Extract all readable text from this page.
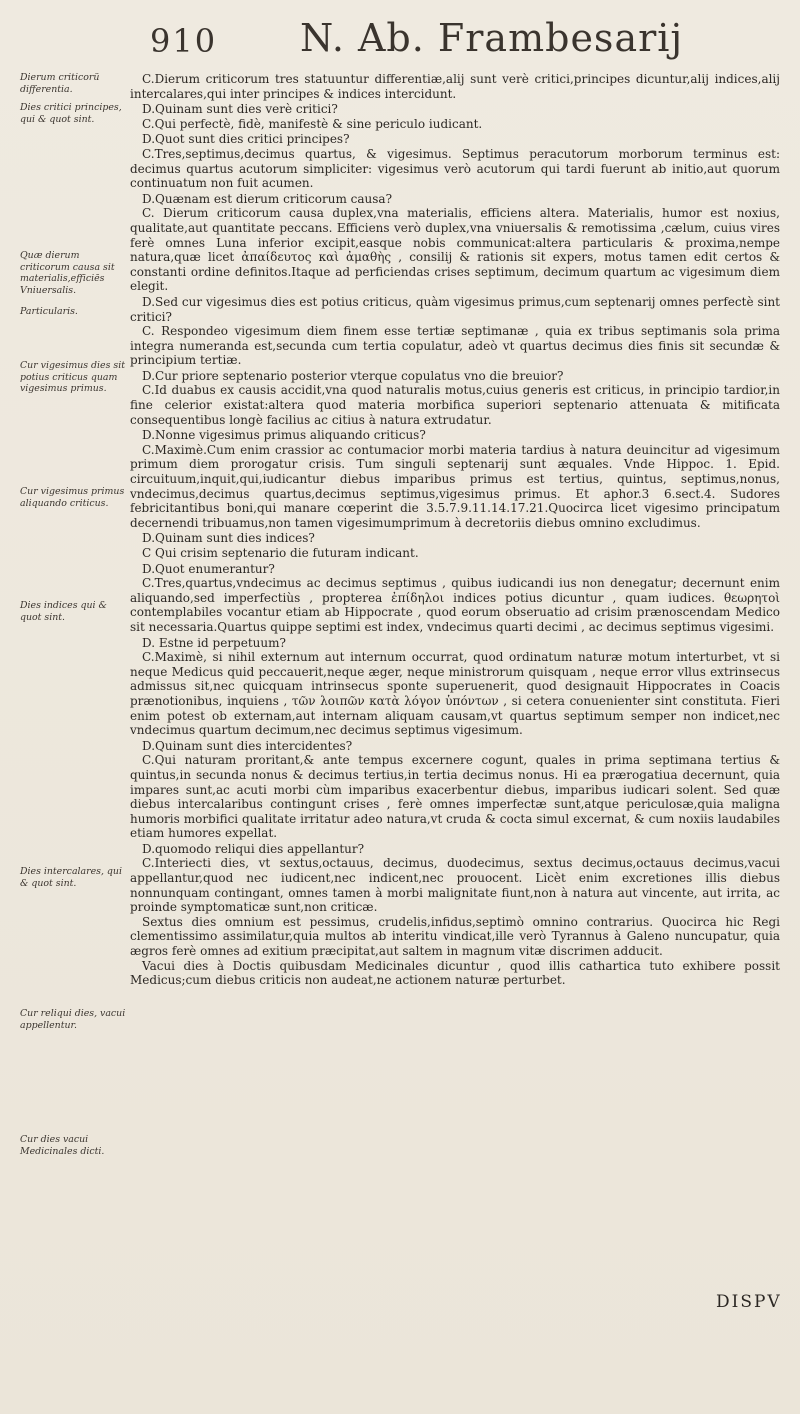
910 N. Ab. Frambesarij
Dierum criticorü differentia.
Dies critici principes, qui & quot sint.
Quæ dierum criticorum causa sit materialis,efficiēs Vniuersalis.
Particularis.
Cur vigesimus dies sit potius criticus quam vigesimus primus.
Cur vigesimus primus aliquando criticus.
Dies indices qui & quot sint.
Dies intercalares, qui & quot sint.
Cur reliqui dies, vacui appellentur.
Cur dies vacui Medicinales dicti.

C.Dierum criticorum tres statuuntur differentiæ,alij sunt verè critici,principes dicuntur,alij indices,alij intercalares,qui inter principes & indices intercidunt.

D.Quinam sunt dies verè critici?

C.Qui perfectè, fidè, manifestè & sine periculo iudicant.

D.Quot sunt dies critici principes?

C.Tres,septimus,decimus quartus, & vigesimus. Septimus peracutorum morborum terminus est: decimus quartus acutorum simpliciter: vigesimus verò acutorum qui tardi fuerunt ab initio,aut quorum continuatum non fuit acumen.

D.Quænam est dierum criticorum causa?

C. Dierum criticorum causa duplex,vna materialis, efficiens altera. Materialis, humor est noxius, qualitate,aut quantitate peccans. Efficiens verò duplex,vna vniuersalis & remotissima ,cælum, cuius vires ferè omnes Luna inferior excipit,easque nobis communicat:altera particularis & proxima,nempe natura,quæ licet ἀπαίδευτος καὶ ἀμαθὴς , consilij & rationis sit expers, motus tamen edit certos & constanti ordine definitos.Itaque ad perficiendas crises septimum, decimum quartum ac vigesimum diem elegit.

D.Sed cur vigesimus dies est potius criticus, quàm vigesimus primus,cum septenarij omnes perfectè sint critici?

C. Respondeo vigesimum diem finem esse tertiæ septimanæ , quia ex tribus septimanis sola prima integra numeranda est,secunda cum tertia copulatur, adeò vt quartus decimus dies finis sit secundæ & principium tertiæ.

D.Cur priore septenario posterior vterque copulatus vno die breuior?

C.Id duabus ex causis accidit,vna quod naturalis motus,cuius generis est criticus, in principio tardior,in fine celerior existat:altera quod materia morbifica superiori septenario attenuata & mitificata consequentibus longè facilius ac citius à natura extrudatur.

D.Nonne vigesimus primus aliquando criticus?

C.Maximè.Cum enim crassior ac contumacior morbi materia tardius à natura deuincitur ad vigesimum primum diem prorogatur crisis. Tum singuli septenarij sunt æquales. Vnde Hippoc. 1. Epid. circuituum,inquit,qui,iudicantur diebus imparibus primus est tertius, quintus, septimus,nonus, vndecimus,decimus quartus,decimus septimus,vigesimus primus. Et aphor.3 6.sect.4. Sudores febricitantibus boni,qui manare cœperint die 3.5.7.9.11.14.17.21.Quocirca licet vigesimo principatum decernendi tribuamus,non tamen vigesimumprimum à decretoriis diebus omnino excludimus.

D.Quinam sunt dies indices?

C Qui crisim septenario die futuram indicant.

D.Quot enumerantur?

C.Tres,quartus,vndecimus ac decimus septimus , quibus iudicandi ius non denegatur; decernunt enim aliquando,sed imperfectiùs , propterea ἐπίδηλοι indices potius dicuntur , quam iudices. θεωρητοὶ contemplabiles vocantur etiam ab Hippocrate , quod eorum obseruatio ad crisim prænoscendam Medico sit necessaria.Quartus quippe septimi est index, vndecimus quarti decimi , ac decimus septimus vigesimi.

D. Estne id perpetuum?

C.Maximè, si nihil externum aut internum occurrat, quod ordinatum naturæ motum interturbet, vt si neque Medicus quid peccauerit,neque æger, neque ministrorum quisquam , neque error vllus extrinsecus admissus sit,nec quicquam intrinsecus sponte superuenerit, quod designauit Hippocrates in Coacis prænotionibus, inquiens , τῶν λοιπῶν κατὰ λόγον ὑπόντων , si cetera conuenienter sint constituta. Fieri enim potest ob externam,aut internam aliquam causam,vt quartus septimum semper non indicet,nec vndecimus quartum decimum,nec decimus septimus vigesimum.

D.Quinam sunt dies intercidentes?

C.Qui naturam proritant,& ante tempus excernere cogunt, quales in prima septimana tertius & quintus,in secunda nonus & decimus tertius,in tertia decimus nonus. Hi ea prærogatiua decernunt, quia impares sunt,ac acuti morbi cùm imparibus exacerbentur diebus, imparibus iudicari solent. Sed quæ diebus intercalaribus contingunt crises , ferè omnes imperfectæ sunt,atque periculosæ,quia maligna humoris morbifici qualitate irritatur adeo natura,vt cruda & cocta simul excernat, & cum noxiis laudabiles etiam humores expellat.

D.quomodo reliqui dies appellantur?

C.Interiecti dies, vt sextus,octauus, decimus, duodecimus, sextus decimus,octauus decimus,vacui appellantur,quod nec iudicent,nec indicent,nec prouocent. Licèt enim excretiones illis diebus nonnunquam contingant, omnes tamen à morbi malignitate fiunt,non à natura aut vincente, aut irrita, ac proinde symptomaticæ sunt,non criticæ.

Sextus dies omnium est pessimus, crudelis,infidus,septimò omnino contrarius. Quocirca hic Regi clementissimo assimilatur,quia multos ab interitu vindicat,ille verò Tyrannus à Galeno nuncupatur, quia ægros ferè omnes ad exitium præcipitat,aut saltem in magnum vitæ discrimen adducit.

Vacui dies à Doctis quibusdam Medicinales dicuntur , quod illis cathartica tuto exhibere possit Medicus;cum diebus criticis non audeat,ne actionem naturæ perturbet.

DISPV
